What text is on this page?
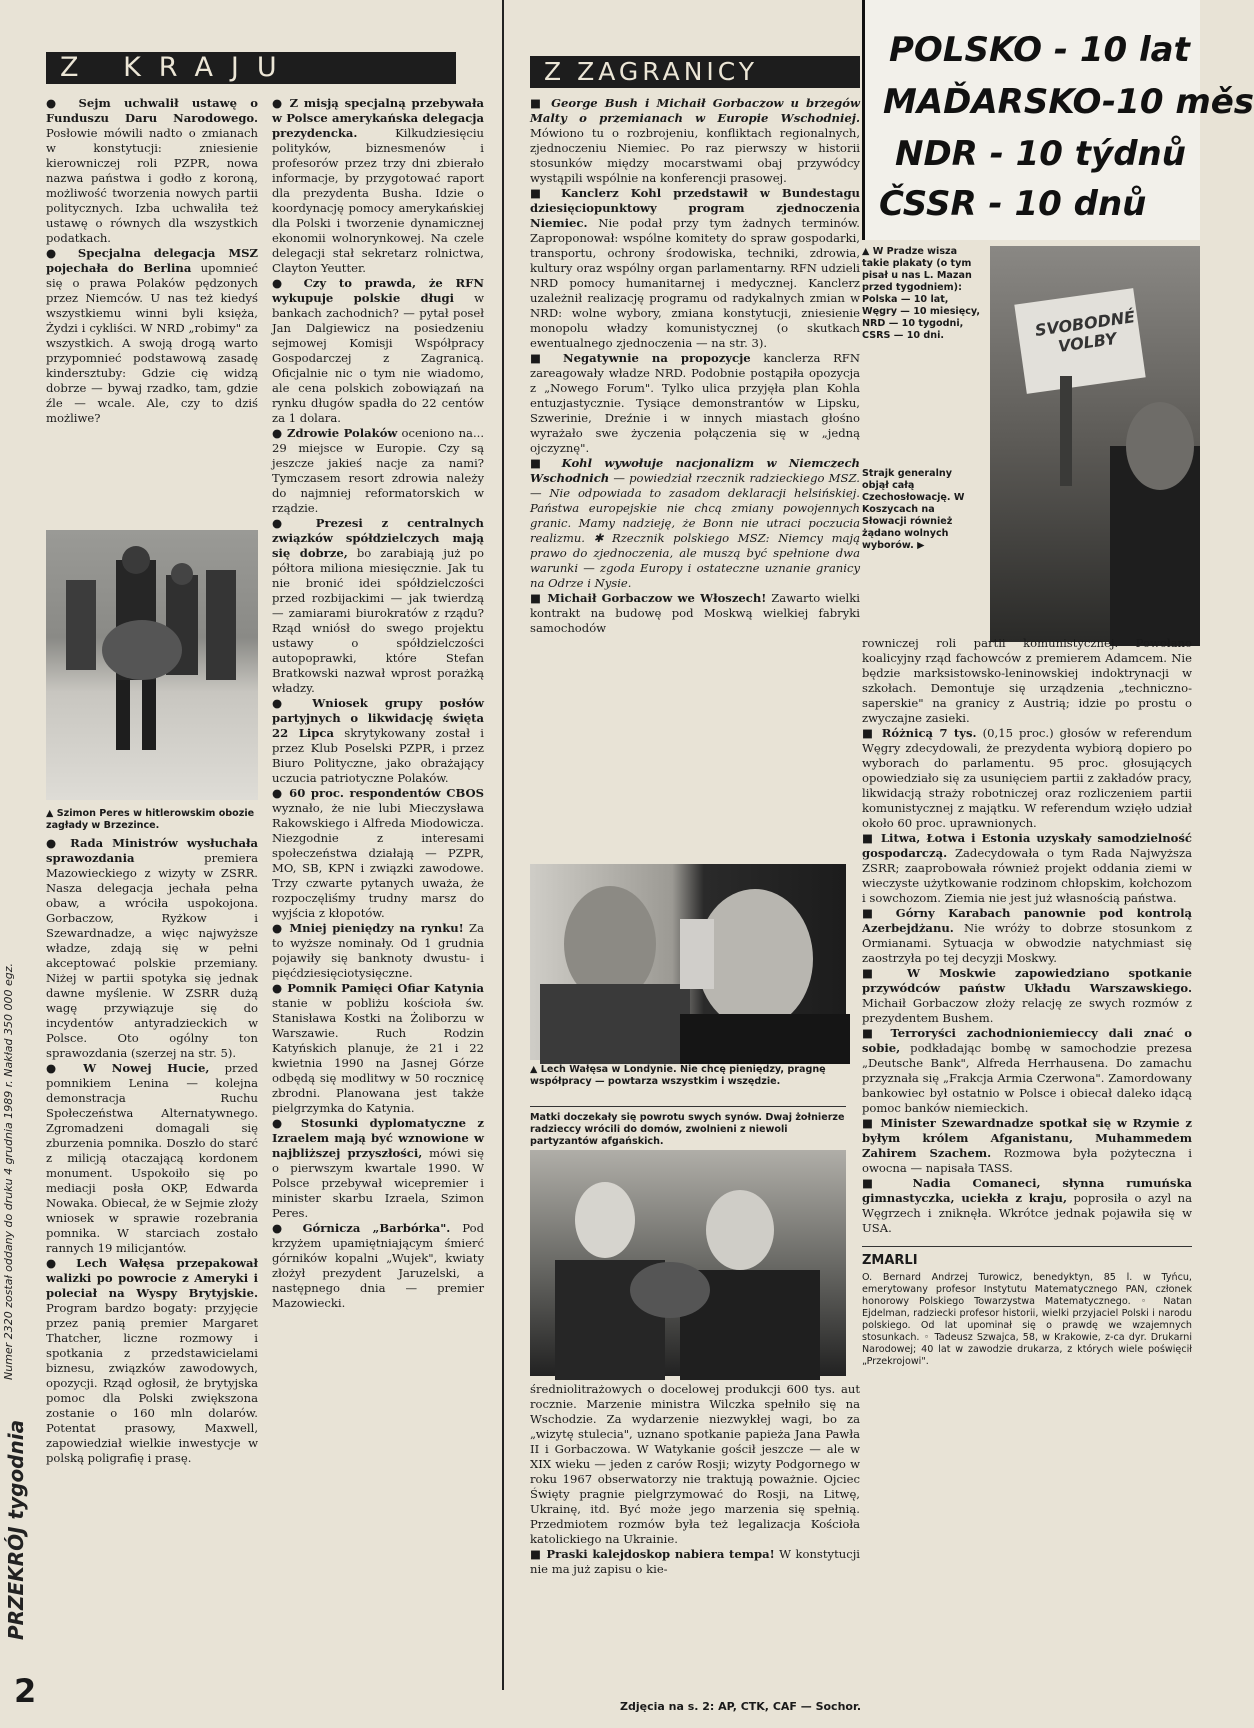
Z KRAJU	Z ZAGRANICY

● Sejm uchwalił ustawę o Funduszu Daru Narodowego. Posłowie mówili nadto o zmianach w konstytucji: zniesienie kierowniczej roli PZPR, nowa nazwa państwa i godło z koroną, możliwość tworzenia nowych partii politycznych. Izba uchwaliła też ustawę o równych dla wszystkich podatkach.

● Specjalna delegacja MSZ pojechała do Berlina upomnieć się o prawa Polaków pędzonych przez Niemców. U nas też kiedyś wszystkiemu winni byli księża, Żydzi i cykliści. W NRD „robimy" za wszystkich. A swoją drogą warto przypomnieć podstawową zasadę kindersztuby: Gdzie cię widzą dobrze — bywaj rzadko, tam, gdzie źle — wcale. Ale, czy to dziś możliwe?

▲ Szimon Peres w hitlerowskim obozie zagłady w Brzezince.

● Rada Ministrów wysłuchała sprawozdania	premiera Mazowieckiego z wizyty w ZSRR. Nasza delegacja jechała pełna obaw, a wróciła uspokojona. Gorbaczow, Ryżkow i Szewardnadze, a więc najwyższe władze, zdają się w pełni akceptować polskie przemiany. Niżej w partii spotyka się jednak dawne myślenie. W ZSRR dużą wagę przywiązuje się do incydentów antyradzieckich w Polsce. Oto ogólny ton sprawozdania (szerzej na str. 5).

● W Nowej Hucie, przed pomnikiem Lenina — kolejna demonstracja Ruchu Społeczeństwa Alternatywnego. Zgromadzeni domagali się zburzenia pomnika. Doszło do starć z milicją otaczającą kordonem monument. Uspokoiło się po mediacji posła OKP, Edwarda Nowaka. Obiecał, że w Sejmie złoży wniosek w sprawie rozebrania pomnika. W starciach zostało rannych 19 milicjantów.

● Lech Wałęsa przepakował walizki po powrocie z Ameryki i poleciał na Wyspy Brytyjskie. Program bardzo bogaty: przyjęcie przez panią premier Margaret Thatcher, liczne rozmowy i spotkania z przedstawicielami biznesu, związków zawodowych, opozycji. Rząd ogłosił, że brytyjska pomoc dla Polski zwiększona zostanie o 160 mln dolarów. Potentat prasowy, Maxwell, zapowiedział wielkie inwestycje w polską poligrafię i prasę.

● Z misją specjalną przebywała w Polsce amerykańska delegacja prezydencka.	Kilkudziesięciu polityków, biznesmenów i profesorów przez trzy dni zbierało informacje, by przygotować raport dla prezydenta Busha. Idzie o koordynację pomocy amerykańskiej dla Polski i tworzenie dynamicznej ekonomii wolnorynkowej. Na czele delegacji stał sekretarz rolnictwa, Clayton Yeutter.

● Czy to prawda, że RFN wykupuje polskie długi w bankach zachodnich? — pytał poseł Jan Dalgiewicz na posiedzeniu sejmowej Komisji Współpracy Gospodarczej z Zagranicą. Oficjalnie nic o tym nie wiadomo, ale cena polskich zobowiązań na rynku długów spadła do 22 centów za 1 dolara.

● Zdrowie Polaków oceniono na... 29 miejsce w Europie. Czy są jeszcze jakieś nacje za nami? Tymczasem resort zdrowia należy do najmniej reformatorskich w rządzie.

● Prezesi z centralnych związków spółdzielczych mają się dobrze, bo zarabiają już po półtora miliona miesięcznie. Jak tu nie bronić idei spółdzielczości przed rozbijackimi — jak twierdzą — zamiarami biurokratów z rządu? Rząd wniósł do swego projektu ustawy o spółdzielczości autopoprawki, które Stefan Bratkowski nazwał wprost porażką władzy.

● Wniosek grupy posłów partyjnych o likwidację święta 22 Lipca skrytykowany został i przez Klub Poselski PZPR, i przez Biuro Polityczne, jako obrażający uczucia patriotyczne Polaków.

● 60 proc. respondentów CBOS wyznało, że nie lubi Mieczysława Rakowskiego i Alfreda Miodowicza. Niezgodnie z interesami społeczeństwa działają — PZPR, MO, SB, KPN i związki zawodowe. Trzy czwarte pytanych uważa, że rozpoczęliśmy trudny marsz do wyjścia z kłopotów.

● Mniej pieniędzy na rynku! Za to wyższe nominały. Od 1 grudnia pojawiły się banknoty dwustu- i pięćdziesięciotysięczne.

● Pomnik Pamięci Ofiar Katynia stanie w pobliżu kościoła św. Stanisława Kostki na Żoliborzu w Warszawie. Ruch Rodzin Katyńskich planuje, że 21 i 22 kwietnia 1990 na Jasnej Górze odbędą się modlitwy w 50 rocznicę zbrodni. Planowana jest także pielgrzymka do Katynia.

● Stosunki dyplomatyczne z Izraelem mają być wznowione w najbliższej przyszłości, mówi się o pierwszym kwartale 1990. W Polsce przebywał wicepremier i minister skarbu Izraela, Szimon Peres.

● Górnicza „Barbórka". Pod krzyżem upamiętniającym śmierć górników kopalni „Wujek", kwiaty złożył prezydent Jaruzelski, a następnego dnia — premier Mazowiecki.

■ George Bush i Michaił Gorbaczow u brzegów Malty o przemianach w Europie Wschodniej. Mówiono tu o rozbrojeniu, konfliktach regionalnych, zjednoczeniu Niemiec. Po raz pierwszy w historii stosunków między mocarstwami obaj przywódcy wystąpili wspólnie na konferencji prasowej.

■ Kanclerz Kohl przedstawił w Bundestagu dziesięciopunktowy program zjednoczenia Niemiec. Nie podał przy tym żadnych terminów. Zaproponował: wspólne komitety do spraw gospodarki, transportu, ochrony środowiska, techniki, zdrowia, kultury oraz wspólny organ parlamentarny. RFN udzieli NRD pomocy humanitarnej i medycznej. Kanclerz uzależnił realizację programu od radykalnych zmian w NRD: wolne wybory, zmiana konstytucji, zniesienie monopolu władzy komunistycznej (o skutkach ewentualnego zjednoczenia — na str. 3).

■ Negatywnie na propozycje kanclerza RFN zareagowały władze NRD. Podobnie postąpiła opozycja z „Nowego Forum". Tylko ulica przyjęła plan Kohla entuzjastycznie. Tysiące demonstrantów w Lipsku, Szwerinie, Dreźnie i w innych miastach głośno wyrażało swe życzenia połączenia się w „jedną ojczyznę".

■ Kohl wywołuje nacjonalizm w Niemczech Wschodnich — powiedział rzecznik radzieckiego MSZ. — Nie odpowiada to zasadom deklaracji helsińskiej. Państwa europejskie nie chcą zmiany powojennych granic. Mamy nadzieję, że Bonn nie utraci poczucia realizmu. ✱ Rzecznik polskiego MSZ: Niemcy mają prawo do zjednoczenia, ale muszą być spełnione dwa warunki — zgoda Europy i ostateczne uznanie granicy na Odrze i Nysie.

■ Michaił Gorbaczow we Włoszech! Zawarto wielki kontrakt na budowę pod Moskwą wielkiej fabryki samochodów

▲ Lech Wałęsa w Londynie. Nie chcę pieniędzy, pragnę współpracy — powtarza wszystkim i wszędzie.
Matki doczekały się powrotu swych synów. Dwaj żołnierze radzieccy wrócili do domów, zwolnieni z niewoli partyzantów afgańskich.

średniolitrażowych o docelowej produkcji 600 tys. aut rocznie. Marzenie ministra Wilczka spełniło się na Wschodzie. Za wydarzenie niezwykłej wagi, bo za „wizytę stulecia", uznano spotkanie papieża Jana Pawła II i Gorbaczowa. W Watykanie gościł jeszcze — ale w XIX wieku — jeden z carów Rosji; wizyty Podgornego w roku 1967 obserwatorzy nie traktują poważnie. Ojciec Święty pragnie pielgrzymować do Rosji, na Litwę, Ukrainę, itd. Być może jego marzenia się spełnią. Przedmiotem rozmów była też legalizacja Kościoła katolickiego na Ukrainie.

■ Praski kalejdoskop nabiera tempa! W konstytucji nie ma już zapisu o kie-

POLSKO - 10 lat
MAĎARSKO-10 měs
NDR - 10 týdnů
ČSSR - 10 dnů
▲ W Pradze wisza takie plakaty (o tym pisał u nas L. Mazan przed tygodniem): Polska — 10 lat, Węgry — 10 miesięcy, NRD — 10 tygodni, CSRS — 10 dni.	SVOBODNÉ VOLBY
Strajk generalny objął całą Czechosłowację. W Koszycach na Słowacji również żądano wolnych wyborów. ▶

rowniczej roli partii komunistycznej. Powołano koalicyjny rząd fachowców z premierem Adamcem. Nie będzie marksistowsko-leninowskiej indoktrynacji w szkołach. Demontuje się urządzenia „techniczno-saperskie" na granicy z Austrią; idzie po prostu o zwyczajne zasieki.

■ Różnicą 7 tys. (0,15 proc.) głosów w referendum Węgry zdecydowali, że prezydenta wybiorą dopiero po wyborach do parlamentu. 95 proc. głosujących opowiedziało się za usunięciem partii z zakładów pracy, likwidacją straży robotniczej oraz rozliczeniem partii komunistycznej z majątku. W referendum wzięło udział około 60 proc. uprawnionych.

■ Litwa, Łotwa i Estonia uzyskały samodzielność gospodarczą. Zadecydowała o tym Rada Najwyższa ZSRR; zaaprobowała również projekt oddania ziemi w wieczyste użytkowanie rodzinom chłopskim, kołchozom i sowchozom. Ziemia nie jest już własnością państwa.

■ Górny Karabach panownie pod kontrolą Azerbejdżanu. Nie wróży to dobrze stosunkom z Ormianami. Sytuacja w obwodzie natychmiast się zaostrzyła po tej decyzji Moskwy.

■ W Moskwie zapowiedziano spotkanie przywódców państw Układu Warszawskiego. Michaił Gorbaczow złoży relację ze swych rozmów z prezydentem Bushem.

■ Terroryści zachodnioniemieccy dali znać o sobie, podkładając bombę w samochodzie prezesa „Deutsche Bank", Alfreda Herrhausena. Do zamachu przyznała się „Frakcja Armia Czerwona". Zamordowany bankowiec był ostatnio w Polsce i obiecał daleko idącą pomoc banków niemieckich.

■ Minister Szewardnadze spotkał się w Rzymie z byłym królem Afganistanu, Muhammedem Zahirem Szachem. Rozmowa była pożyteczna i owocna — napisała TASS.

■ Nadia Comaneci, słynna rumuńska gimnastyczka, uciekła z kraju, poprosiła o azyl na Węgrzech i zniknęła. Wkrótce jednak pojawiła się w USA.

ZMARLI

O. Bernard Andrzej Turowicz, benedyktyn, 85 l. w Tyńcu, emerytowany profesor Instytutu Matematycznego PAN, członek honorowy Polskiego Towarzystwa Matematycznego. ◦ Natan Ejdelman, radziecki profesor historii, wielki przyjaciel Polski i narodu polskiego. Od lat upominał się o prawdę we wzajemnych stosunkach. ◦ Tadeusz Szwajca, 58, w Krakowie, z-ca dyr. Drukarni Narodowej; 40 lat w zawodzie drukarza, z których wiele poświęcił „Przekrojowi".

Numer 2320 został oddany do druku 4 grudnia 1989 r. Nakład 350 000 egz.
PRZEKRÓJ tygodnia
2	Zdjęcia na s. 2: AP, CTK, CAF — Sochor.
